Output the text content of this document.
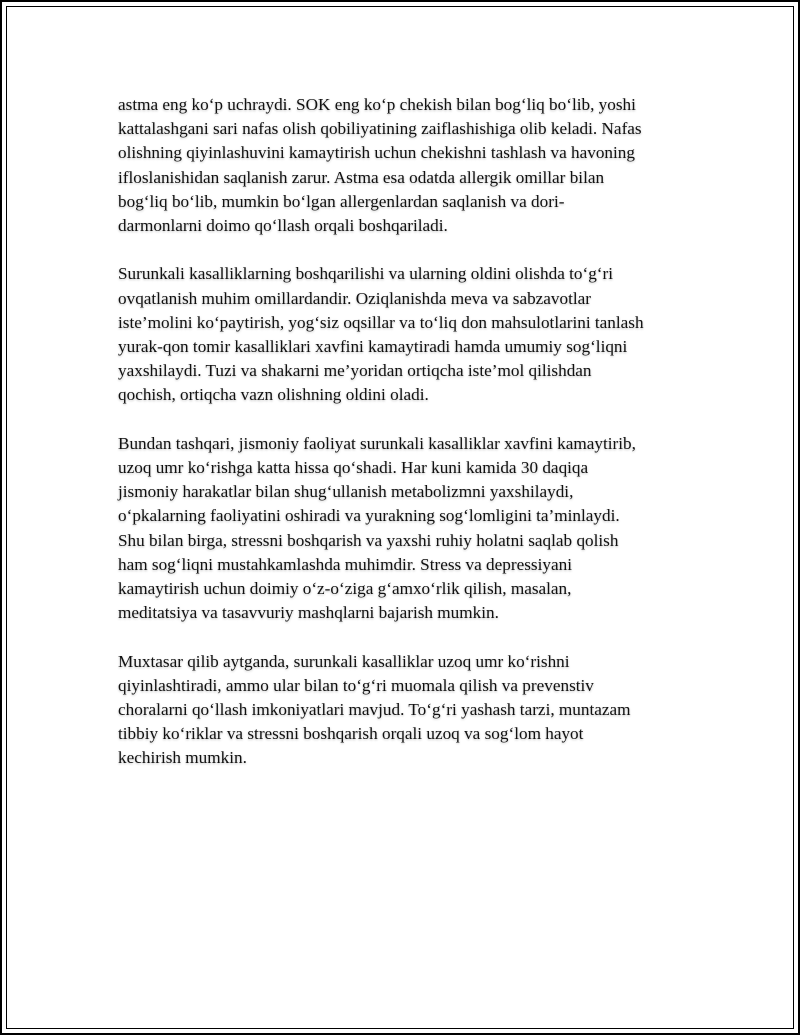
astma eng ko‘p uchraydi. SOK eng ko‘p chekish bilan bog‘liq bo‘lib, yoshi
kattalashgani sari nafas olish qobiliyatining zaiflashishiga olib keladi. Nafas
olishning qiyinlashuvini kamaytirish uchun chekishni tashlash va havoning
ifloslanishidan saqlanish zarur. Astma esa odatda allergik omillar bilan
bog‘liq bo‘lib, mumkin bo‘lgan allergenlardan saqlanish va dori-
darmonlarni doimo qo‘llash orqali boshqariladi.

Surunkali kasalliklarning boshqarilishi va ularning oldini olishda to‘g‘ri
ovqatlanish muhim omillardandir. Oziqlanishda meva va sabzavotlar
iste’molini ko‘paytirish, yog‘siz oqsillar va to‘liq don mahsulotlarini tanlash
yurak-qon tomir kasalliklari xavfini kamaytiradi hamda umumiy sog‘liqni
yaxshilaydi. Tuzi va shakarni me’yoridan ortiqcha iste’mol qilishdan
qochish, ortiqcha vazn olishning oldini oladi.

Bundan tashqari, jismoniy faoliyat surunkali kasalliklar xavfini kamaytirib,
uzoq umr ko‘rishga katta hissa qo‘shadi. Har kuni kamida 30 daqiqa
jismoniy harakatlar bilan shug‘ullanish metabolizmni yaxshilaydi,
o‘pkalarning faoliyatini oshiradi va yurakning sog‘lomligini ta’minlaydi.
Shu bilan birga, stressni boshqarish va yaxshi ruhiy holatni saqlab qolish
ham sog‘liqni mustahkamlashda muhimdir. Stress va depressiyani
kamaytirish uchun doimiy o‘z-o‘ziga g‘amxo‘rlik qilish, masalan,
meditatsiya va tasavvuriy mashqlarni bajarish mumkin.

Muxtasar qilib aytganda, surunkali kasalliklar uzoq umr ko‘rishni
qiyinlashtiradi, ammo ular bilan to‘g‘ri muomala qilish va prevenstiv
choralarni qo‘llash imkoniyatlari mavjud. To‘g‘ri yashash tarzi, muntazam
tibbiy ko‘riklar va stressni boshqarish orqali uzoq va sog‘lom hayot
kechirish mumkin.
